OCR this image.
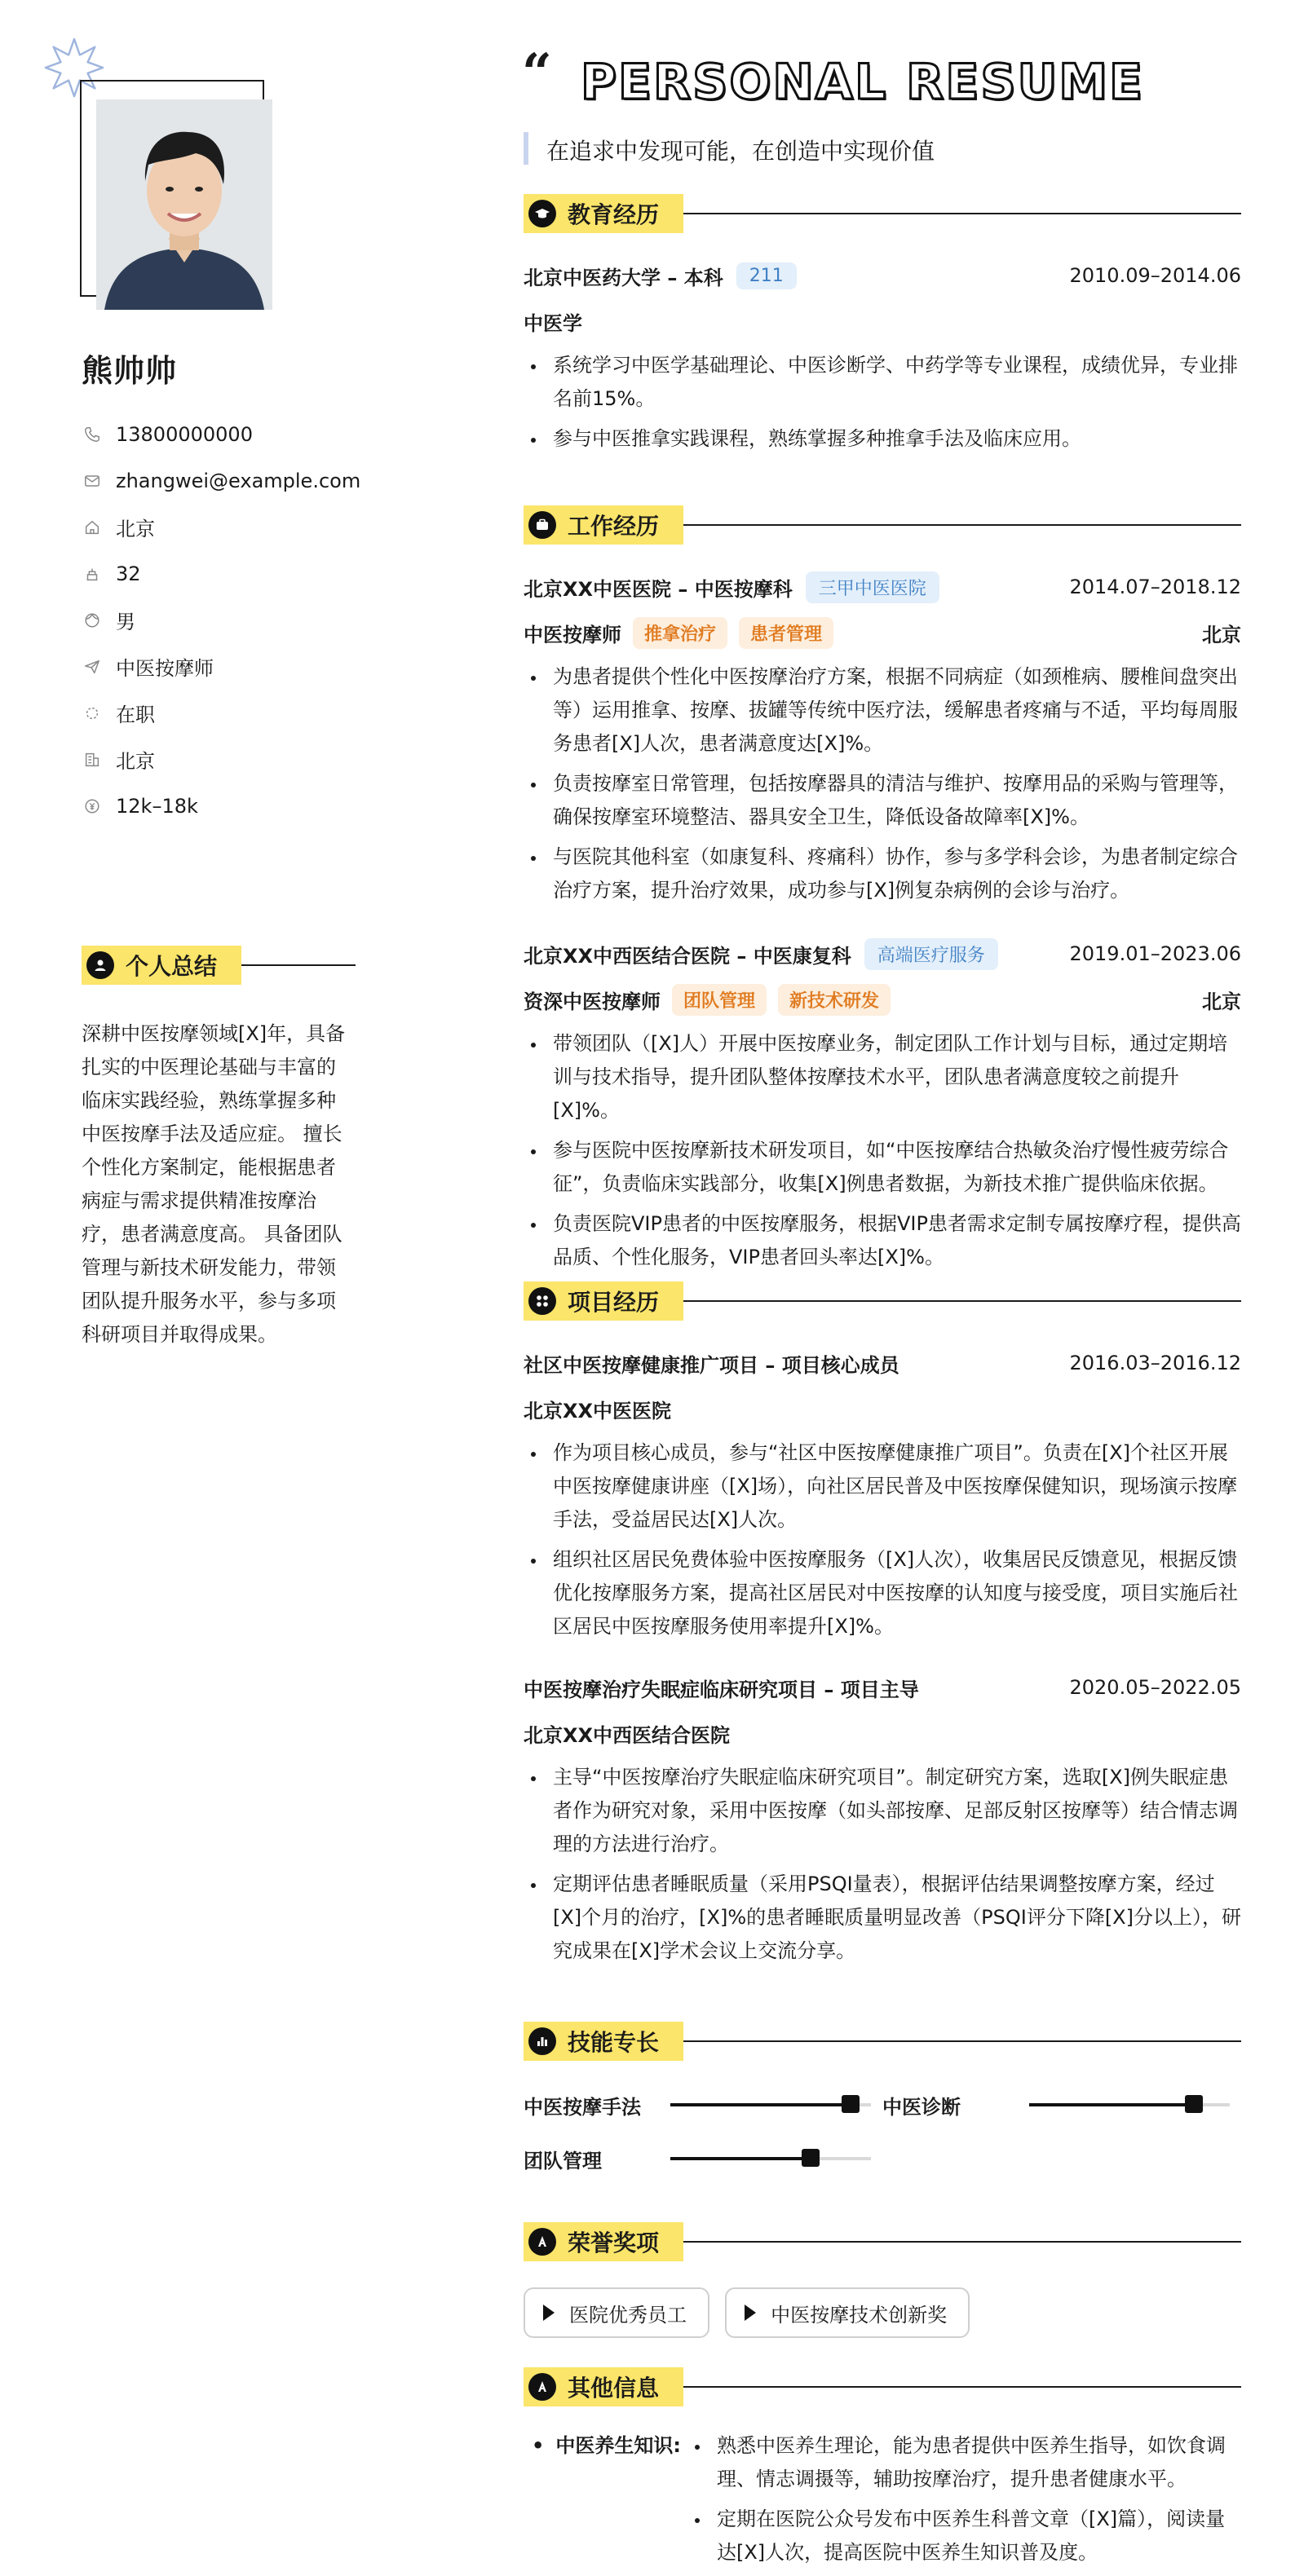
熊帅帅
13800000000
zhangwei@example.com
北京
32
男
中医按摩师
在职
北京
12k–18k
个人总结
深耕中医按摩领域[X]年，具备扎实的中医理论基础与丰富的临床实践经验，熟练掌握多种中医按摩手法及适应症。 擅长个性化方案制定，能根据患者病症与需求提供精准按摩治疗，患者满意度高。 具备团队管理与新技术研发能力，带领团队提升服务水平，参与多项科研项目并取得成果。
“ PERSONAL RESUME
在追求中发现可能，在创造中实现价值
教育经历
北京中医药大学 – 本科	211	2010.09–2014.06
中医学
• 系统学习中医学基础理论、中医诊断学、中药学等专业课程，成绩优异，专业排名前15%。
• 参与中医推拿实践课程，熟练掌握多种推拿手法及临床应用。
工作经历
北京XX中医医院 – 中医按摩科	三甲中医医院	2014.07–2018.12
中医按摩师	推拿治疗	患者管理	北京
• 为患者提供个性化中医按摩治疗方案，根据不同病症（如颈椎病、腰椎间盘突出等）运用推拿、按摩、拔罐等传统中医疗法，缓解患者疼痛与不适，平均每周服务患者[X]人次，患者满意度达[X]%。
• 负责按摩室日常管理，包括按摩器具的清洁与维护、按摩用品的采购与管理等，确保按摩室环境整洁、器具安全卫生，降低设备故障率[X]%。
• 与医院其他科室（如康复科、疼痛科）协作，参与多学科会诊，为患者制定综合治疗方案，提升治疗效果，成功参与[X]例复杂病例的会诊与治疗。
北京XX中西医结合医院 – 中医康复科	高端医疗服务	2019.01–2023.06
资深中医按摩师	团队管理	新技术研发	北京
• 带领团队（[X]人）开展中医按摩业务，制定团队工作计划与目标，通过定期培训与技术指导，提升团队整体按摩技术水平，团队患者满意度较之前提升[X]%。
• 参与医院中医按摩新技术研发项目，如“中医按摩结合热敏灸治疗慢性疲劳综合征”，负责临床实践部分，收集[X]例患者数据，为新技术推广提供临床依据。
• 负责医院VIP患者的中医按摩服务，根据VIP患者需求定制专属按摩疗程，提供高品质、个性化服务，VIP患者回头率达[X]%。
项目经历
社区中医按摩健康推广项目 – 项目核心成员	2016.03–2016.12
北京XX中医医院
• 作为项目核心成员，参与“社区中医按摩健康推广项目”。负责在[X]个社区开展中医按摩健康讲座（[X]场），向社区居民普及中医按摩保健知识，现场演示按摩手法，受益居民达[X]人次。
• 组织社区居民免费体验中医按摩服务（[X]人次），收集居民反馈意见，根据反馈优化按摩服务方案，提高社区居民对中医按摩的认知度与接受度，项目实施后社区居民中医按摩服务使用率提升[X]%。
中医按摩治疗失眠症临床研究项目 – 项目主导	2020.05–2022.05
北京XX中西医结合医院
• 主导“中医按摩治疗失眠症临床研究项目”。制定研究方案，选取[X]例失眠症患者作为研究对象，采用中医按摩（如头部按摩、足部反射区按摩等）结合情志调理的方法进行治疗。
• 定期评估患者睡眠质量（采用PSQI量表），根据评估结果调整按摩方案，经过[X]个月的治疗，[X]%的患者睡眠质量明显改善（PSQI评分下降[X]分以上），研究成果在[X]学术会议上交流分享。
技能专长
中医按摩手法	中医诊断
团队管理
荣誉奖项
医院优秀员工
	中医按摩技术创新奖
其他信息
• 中医养生知识:
•	熟悉中医养生理论，能为患者提供中医养生指导，如饮食调理、情志调摄等，辅助按摩治疗，提升患者健康水平。
• 定期在医院公众号发布中医养生科普文章（[X]篇），阅读量达[X]人次，提高医院中医养生知识普及度。
